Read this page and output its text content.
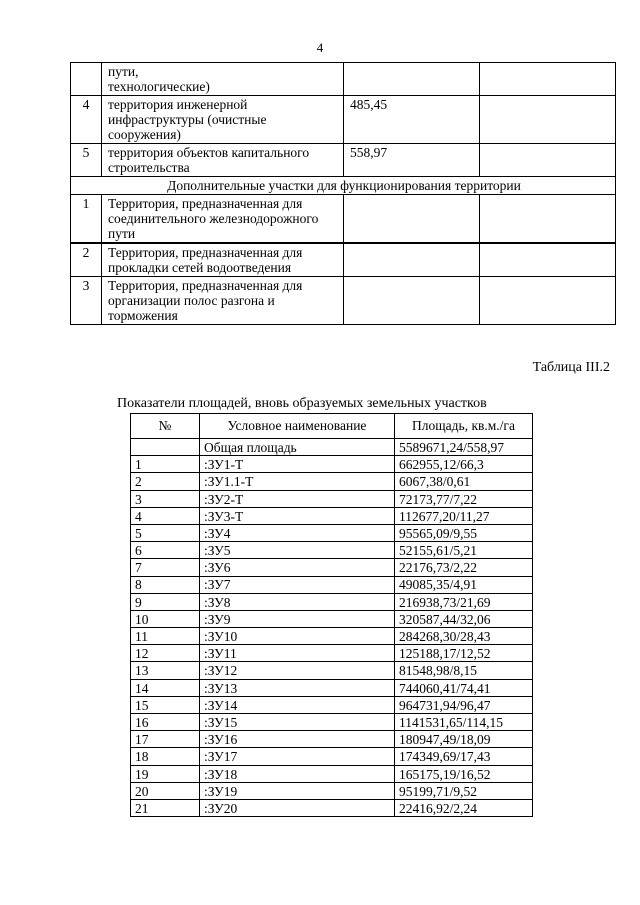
4
	пути,
технологические)		
4	территория инженерной инфраструктуры (очистные сооружения)	485,45	
5	территория объектов капитального строительства	558,97	
Дополнительные участки для функционирования территории			
1	Территория, предназначенная для соединительного железнодорожного пути		
2	Территория, предназначенная для прокладки сетей водоотведения		
3	Территория, предназначенная для организации полос разгона и торможения		
Таблица III.2
Показатели площадей, вновь образуемых земельных участков
№	Условное наименование	Площадь, кв.м./га
	Общая площадь	5589671,24/558,97
1	:ЗУ1-Т	662955,12/66,3
2	:ЗУ1.1-Т	6067,38/0,61
3	:ЗУ2-Т	72173,77/7,22
4	:ЗУ3-Т	112677,20/11,27
5	:ЗУ4	95565,09/9,55
6	:ЗУ5	52155,61/5,21
7	:ЗУ6	22176,73/2,22
8	:ЗУ7	49085,35/4,91
9	:ЗУ8	216938,73/21,69
10	:ЗУ9	320587,44/32,06
11	:ЗУ10	284268,30/28,43
12	:ЗУ11	125188,17/12,52
13	:ЗУ12	81548,98/8,15
14	:ЗУ13	744060,41/74,41
15	:ЗУ14	964731,94/96,47
16	:ЗУ15	1141531,65/114,15
17	:ЗУ16	180947,49/18,09
18	:ЗУ17	174349,69/17,43
19	:ЗУ18	165175,19/16,52
20	:ЗУ19	95199,71/9,52
21	:ЗУ20	22416,92/2,24
